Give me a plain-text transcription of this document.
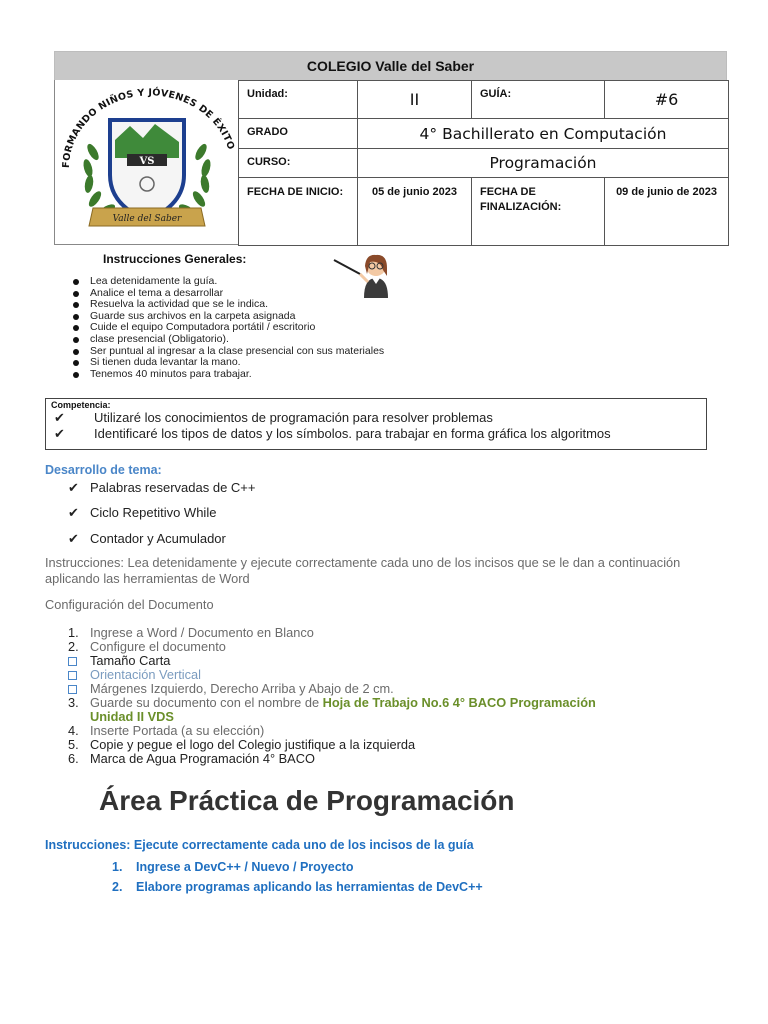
COLEGIO Valle del Saber
FORMANDO NIÑOS Y JÓVENES DE ÉXITO
VS
Valle del Saber
Unidad:	II	GUÍA:	#6
GRADO	4° Bachillerato en Computación		
CURSO:	Programación		
FECHA DE INICIO:	05 de junio 2023	FECHA DE FINALIZACIÓN:	09 de junio de 2023
Instrucciones Generales:
Lea detenidamente la guía.
Analice el tema a desarrollar
Resuelva la actividad que se le indica.
Guarde sus archivos en la carpeta asignada
Cuide el equipo Computadora portátil / escritorio
clase presencial (Obligatorio).
Ser puntual al ingresar a la clase presencial con sus materiales
Si tienen duda levantar la mano.
Tenemos 40 minutos para trabajar.
Competencia:
✔ Utilizaré los conocimientos de programación para resolver problemas
✔ Identificaré los tipos de datos y los símbolos. para trabajar en forma gráfica los algoritmos
Desarrollo de tema:
✔ Palabras reservadas de C++
✔ Ciclo Repetitivo While
✔ Contador y Acumulador
Instrucciones: Lea detenidamente y ejecute correctamente cada uno de los incisos que se le dan a continuación aplicando las herramientas de Word
Configuración del Documento
1. Ingrese a Word / Documento en Blanco
2. Configure el documento
Tamaño Carta
Orientación Vertical
Márgenes Izquierdo, Derecho Arriba y Abajo de 2 cm.
3. Guarde su documento con el nombre de Hoja de Trabajo No.6 4° BACO Programación
Unidad II VDS
4. Inserte Portada (a su elección)
5. Copie y pegue el logo del Colegio justifique a la izquierda
6. Marca de Agua Programación 4° BACO
Área Práctica de Programación
Instrucciones: Ejecute correctamente cada uno de los incisos de la guía
1. Ingrese a DevC++ / Nuevo / Proyecto
2. Elabore programas aplicando las herramientas de DevC++
